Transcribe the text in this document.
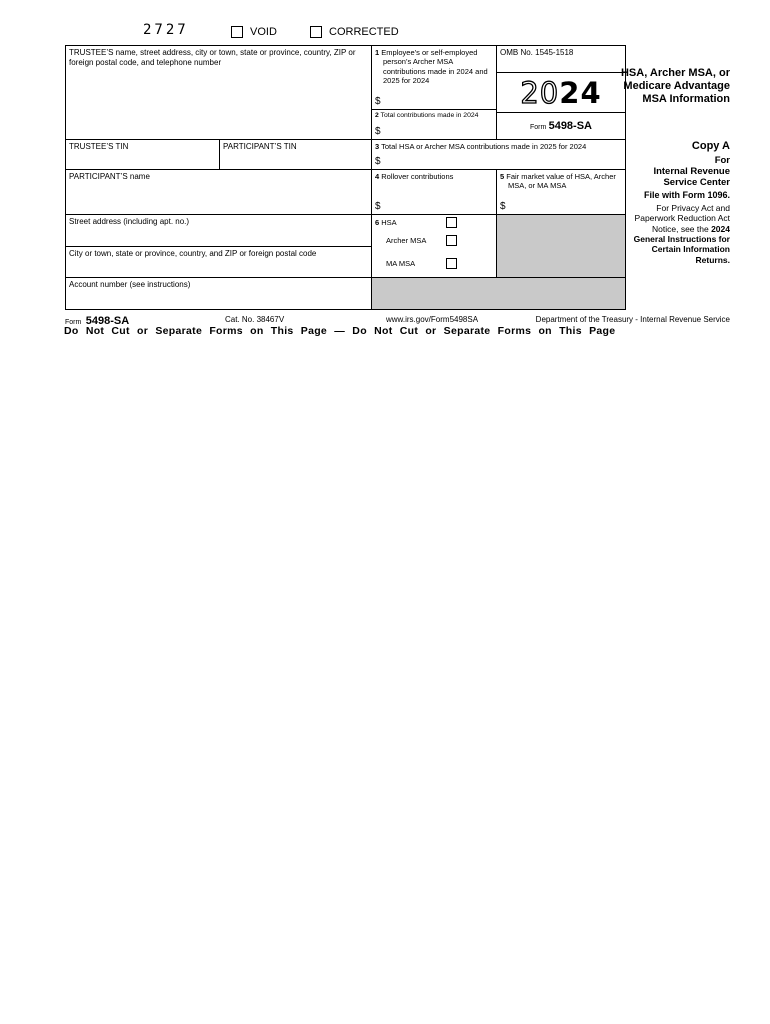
2727	VOID	CORRECTED
TRUSTEE’S name, street address, city or town, state or province, country, ZIP or foreign postal code, and telephone number
1 Employee’s or self-employed person’s Archer MSA contributions made in 2024 and 2025 for 2024
$
2 Total contributions made in 2024
$
OMB No. 1545-1518
2024
Form 5498-SA
TRUSTEE’S TIN	PARTICIPANT’S TIN	3 Total HSA or Archer MSA contributions made in 2025 for 2024
$
PARTICIPANT’S name	4 Rollover contributions
$
5 Fair market value of HSA, Archer MSA, or MA MSA
$
Street address (including apt. no.)	6 HSA
Archer MSA
MA MSA
City or town, state or province, country, and ZIP or foreign postal code
Account number (see instructions)
HSA, Archer MSA, or
Medicare Advantage
MSA Information
Copy A
For
Internal Revenue
Service Center
File with Form 1096.
For Privacy Act and Paperwork Reduction Act Notice, see the 2024 General Instructions for Certain Information Returns.
Form 5498-SA	Cat. No. 38467V	www.irs.gov/Form5498SA	Department of the Treasury - Internal Revenue Service
Do Not Cut or Separate Forms on This Page — Do Not Cut or Separate Forms on This Page
